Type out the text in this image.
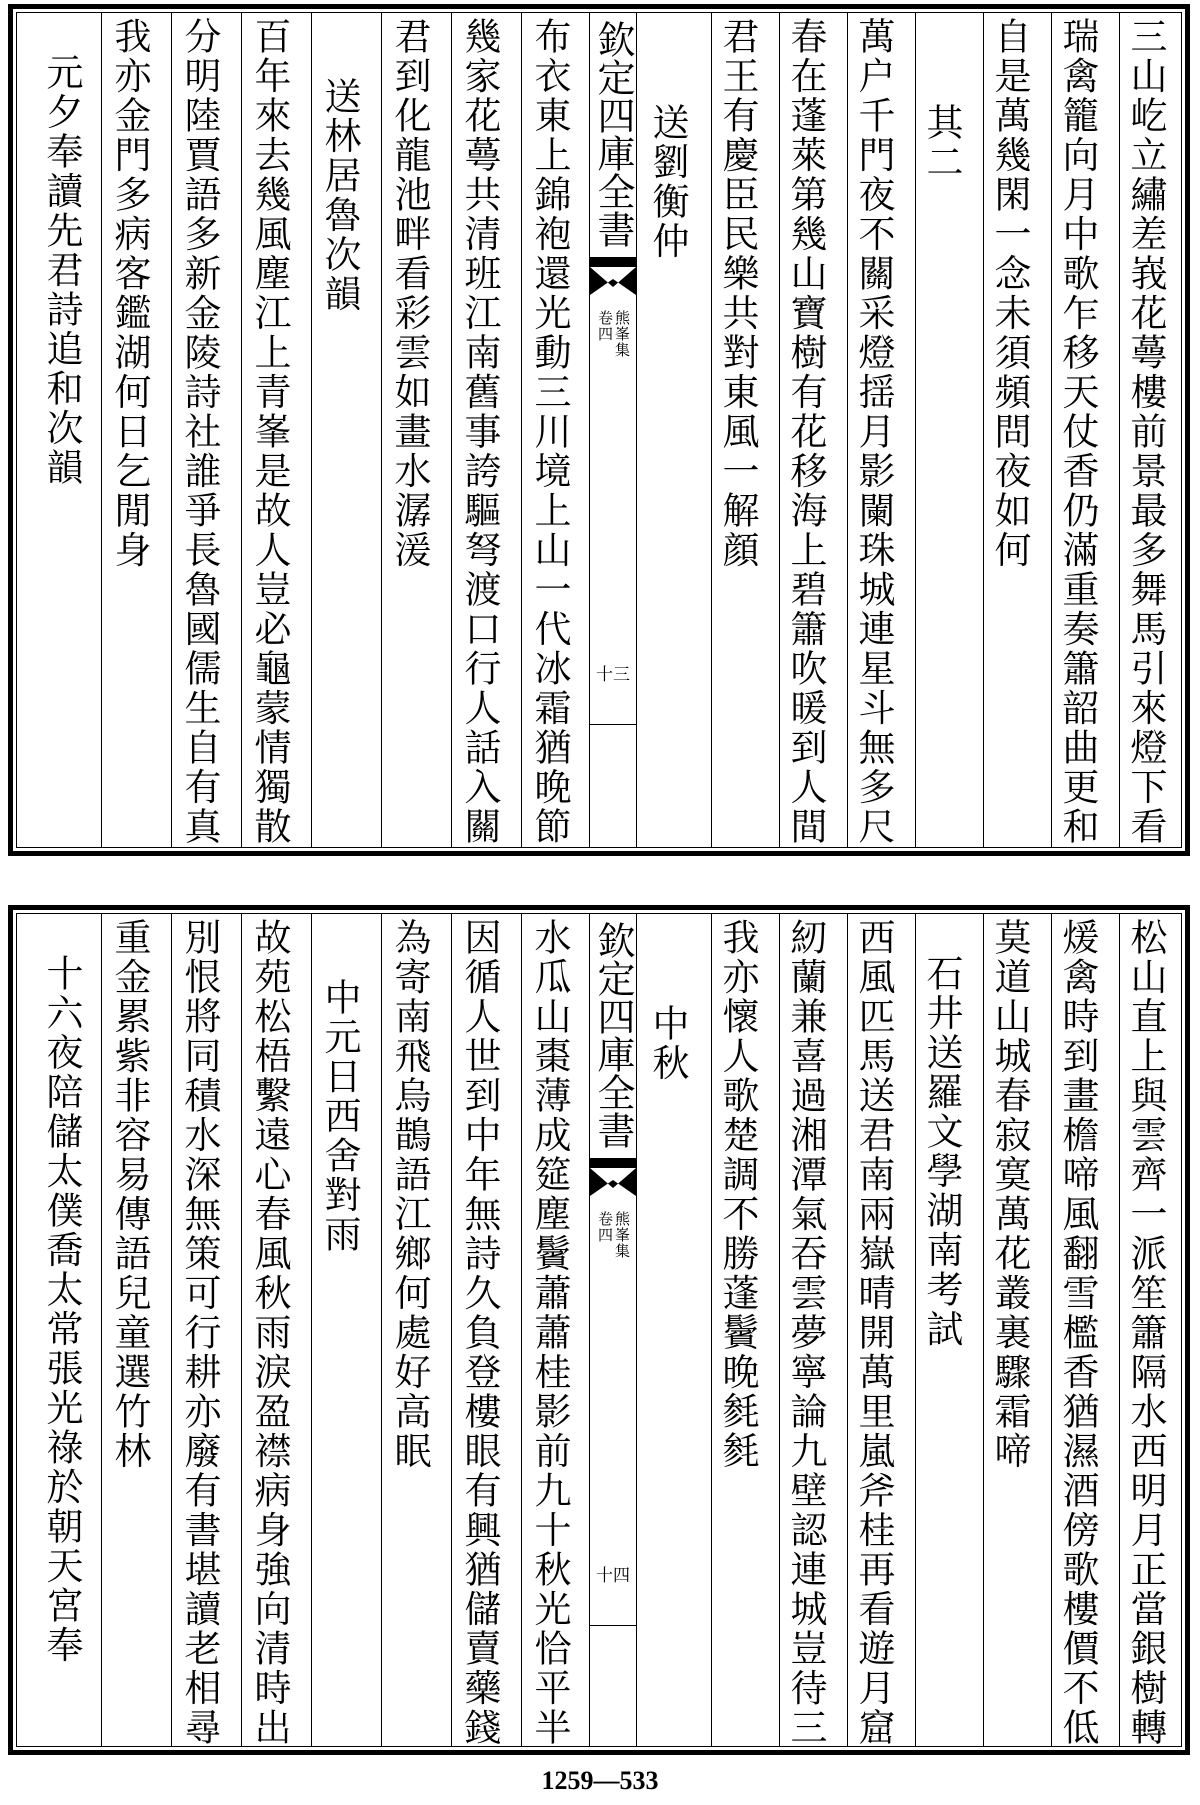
三山屹立繡差峩花蕚樓前景最多舞馬引來燈下看
瑞禽籠向月中歌乍移天仗香仍滿重奏簫韶曲更和
自是萬幾閑一念未須頻問夜如何
其二
萬户千門夜不關采燈揺月影闌珠城連星斗無多尺
春在蓬萊第幾山寶樹有花移海上碧簫吹暖到人間
君王有慶臣民樂共對東風一解顔
送劉衡仲
欽定四庫全書
熊峯集
卷四
十三
布衣東上錦袍還光動三川境上山一代冰霜猶晚節
幾家花蕚共清班江南舊事誇驅弩渡口行人話入關
君到化龍池畔看彩雲如畫水潺湲
送林居魯次韻
百年來去幾風塵江上青峯是故人豈必龜蒙情獨散
分明陸賈語多新金陵詩社誰爭長魯國儒生自有真
我亦金門多病客鑑湖何日乞閒身
元夕奉讀先君詩追和次韻
松山直上與雲齊一派笙簫隔水西明月正當銀樹轉
煖禽時到畫檐啼風翻雪檻香猶濕酒傍歌樓價不低
莫道山城春寂寞萬花叢裏驟霜啼
石井送羅文學湖南考試
西風匹馬送君南兩嶽晴開萬里嵐斧桂再看遊月窟
紉蘭兼喜過湘潭氣吞雲夢寧論九壁認連城豈待三
我亦懷人歌楚調不勝蓬鬢晚毵毵
中秋
欽定四庫全書
熊峯集
卷四
十四
水瓜山棗薄成筵塵鬢蕭蕭桂影前九十秋光恰平半
因循人世到中年無詩久負登樓眼有興猶儲賣藥錢
為寄南飛烏鵲語江鄉何處好高眠
中元日西舍對雨
故苑松梧繫遠心春風秋雨淚盈襟病身強向清時出
別恨將同積水深無策可行耕亦廢有書堪讀老相尋
重金累紫非容易傳語兒童選竹林
十六夜陪儲太僕喬太常張光祿於朝天宮奉
1259—533
